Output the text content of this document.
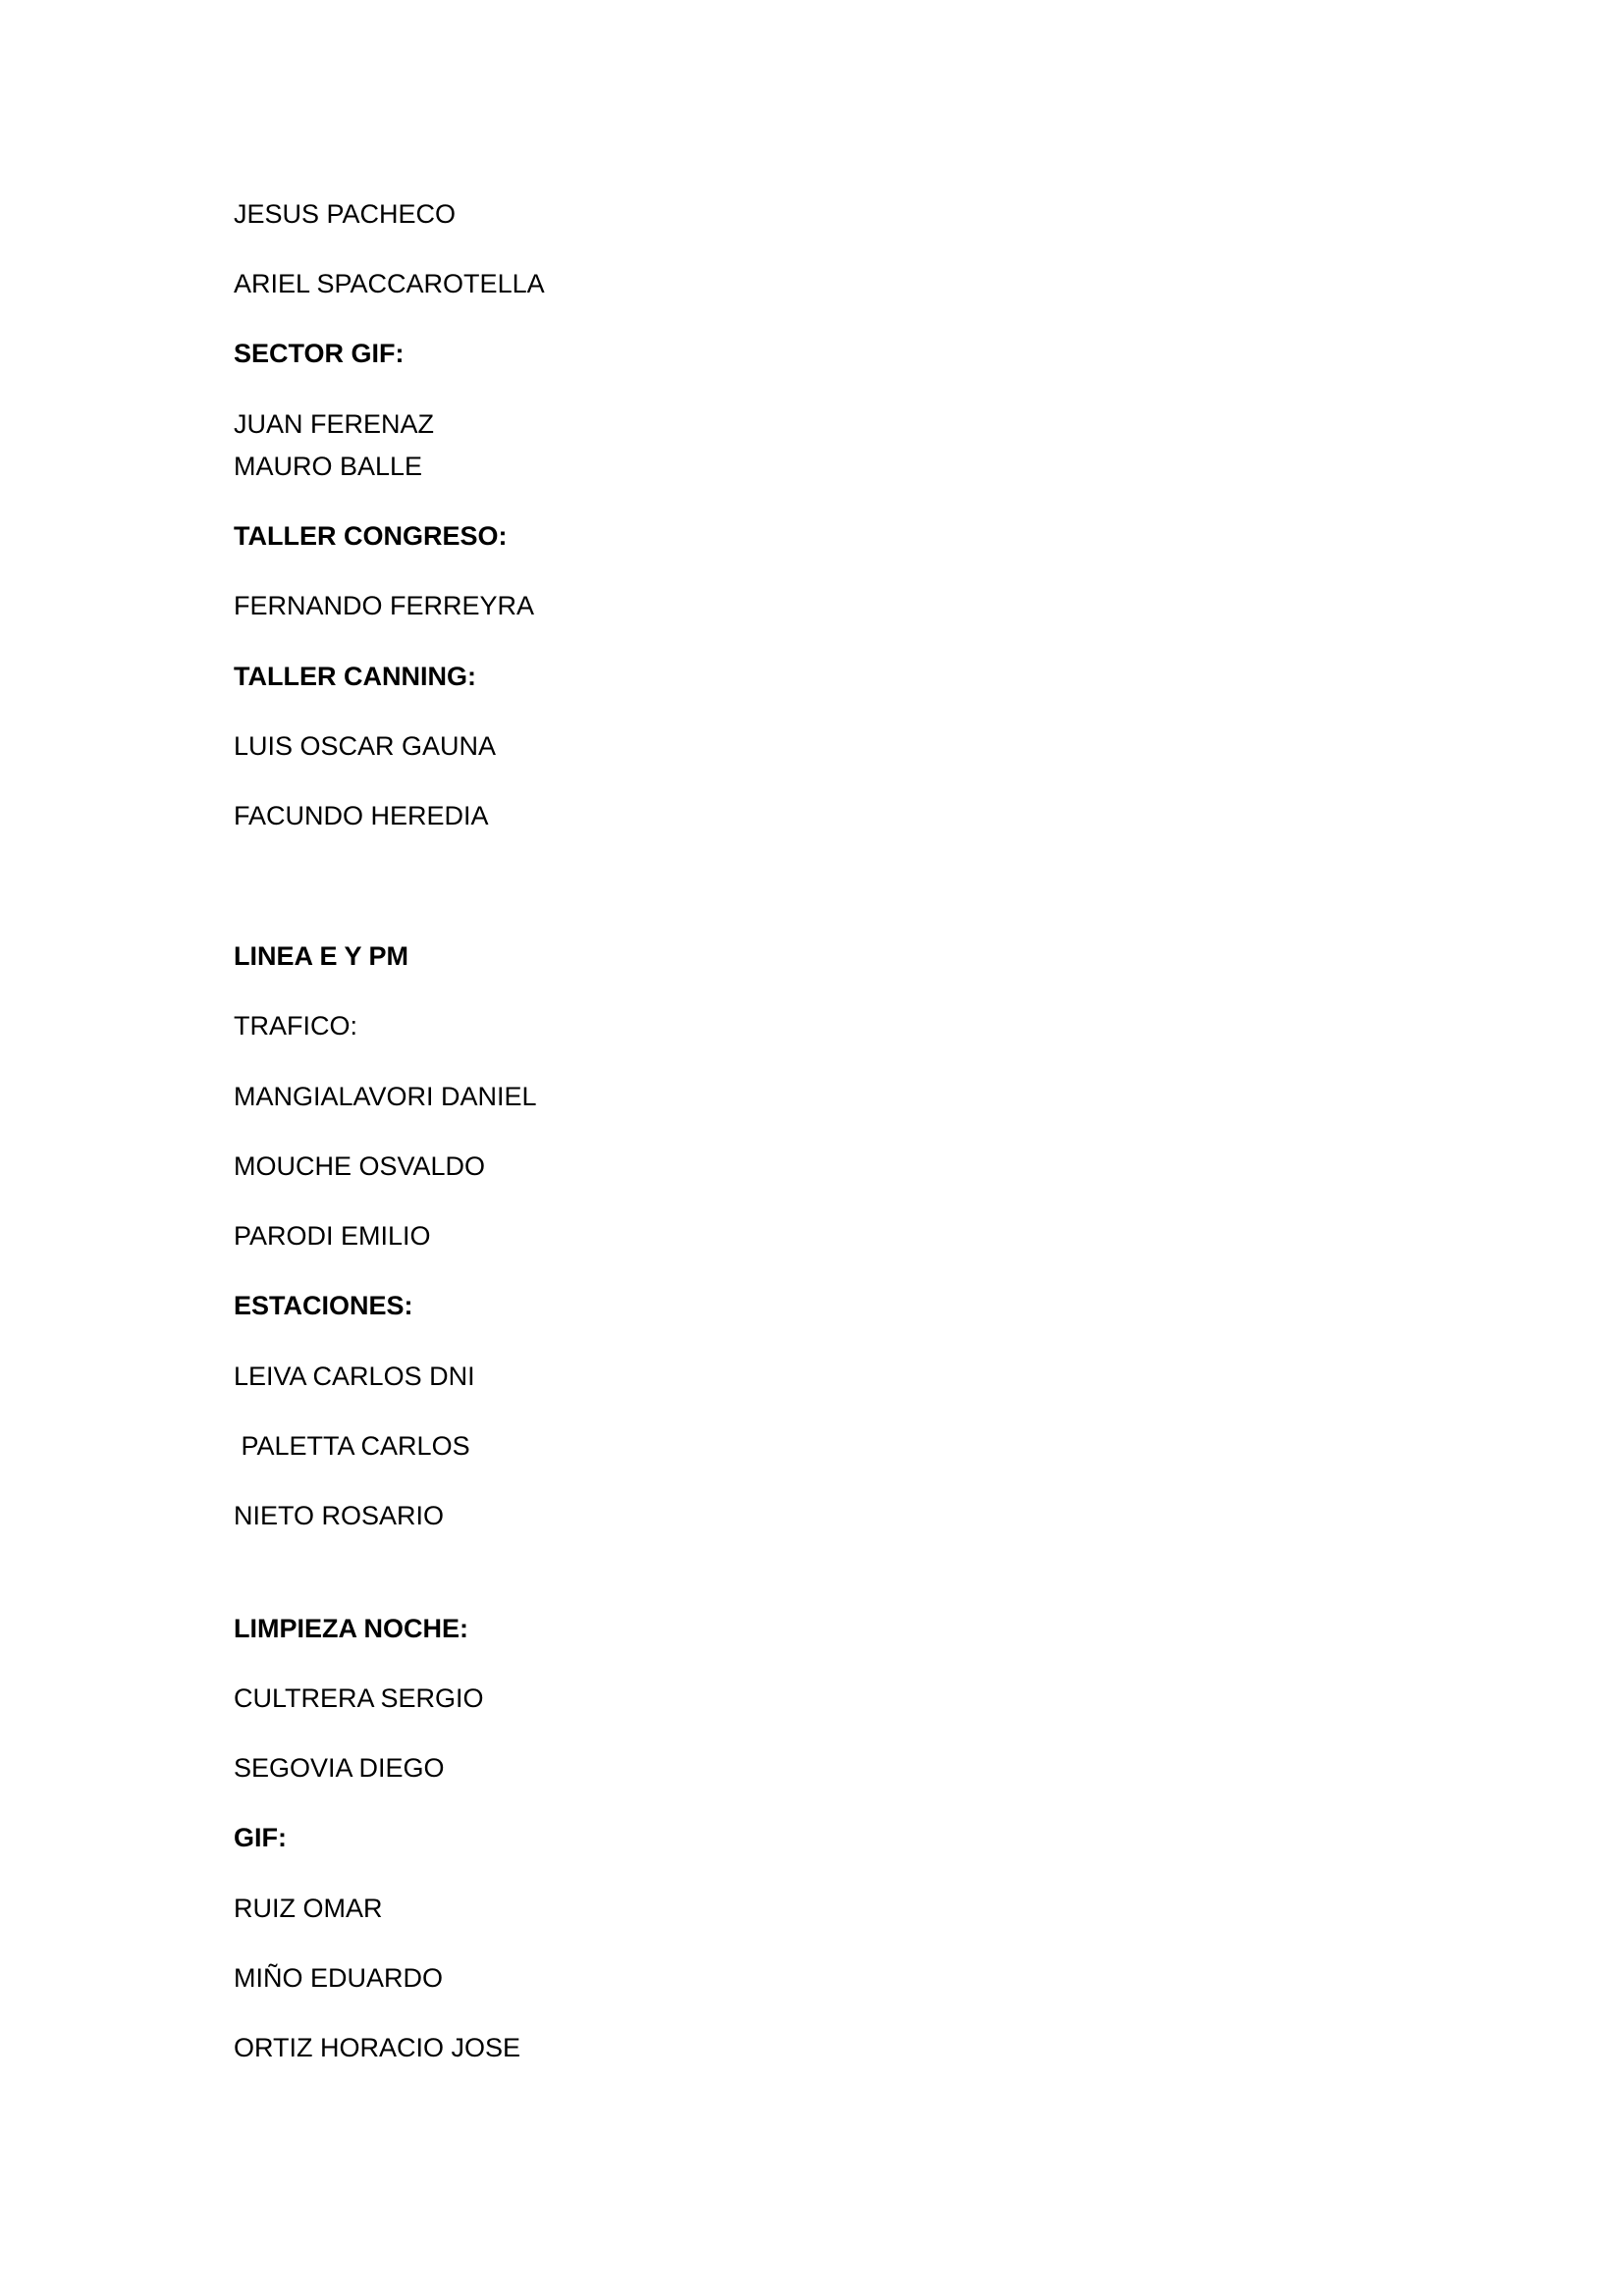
JESUS PACHECO
ARIEL SPACCAROTELLA
SECTOR GIF:
JUAN FERENAZ
MAURO BALLE
TALLER CONGRESO:
FERNANDO FERREYRA
TALLER CANNING:
LUIS OSCAR GAUNA
FACUNDO HEREDIA
LINEA E Y PM
TRAFICO:
MANGIALAVORI DANIEL
MOUCHE OSVALDO
PARODI EMILIO
ESTACIONES:
LEIVA CARLOS DNI
PALETTA CARLOS
NIETO ROSARIO
LIMPIEZA NOCHE:
CULTRERA SERGIO
SEGOVIA DIEGO
GIF:
RUIZ OMAR
MIÑO EDUARDO
ORTIZ HORACIO JOSE
